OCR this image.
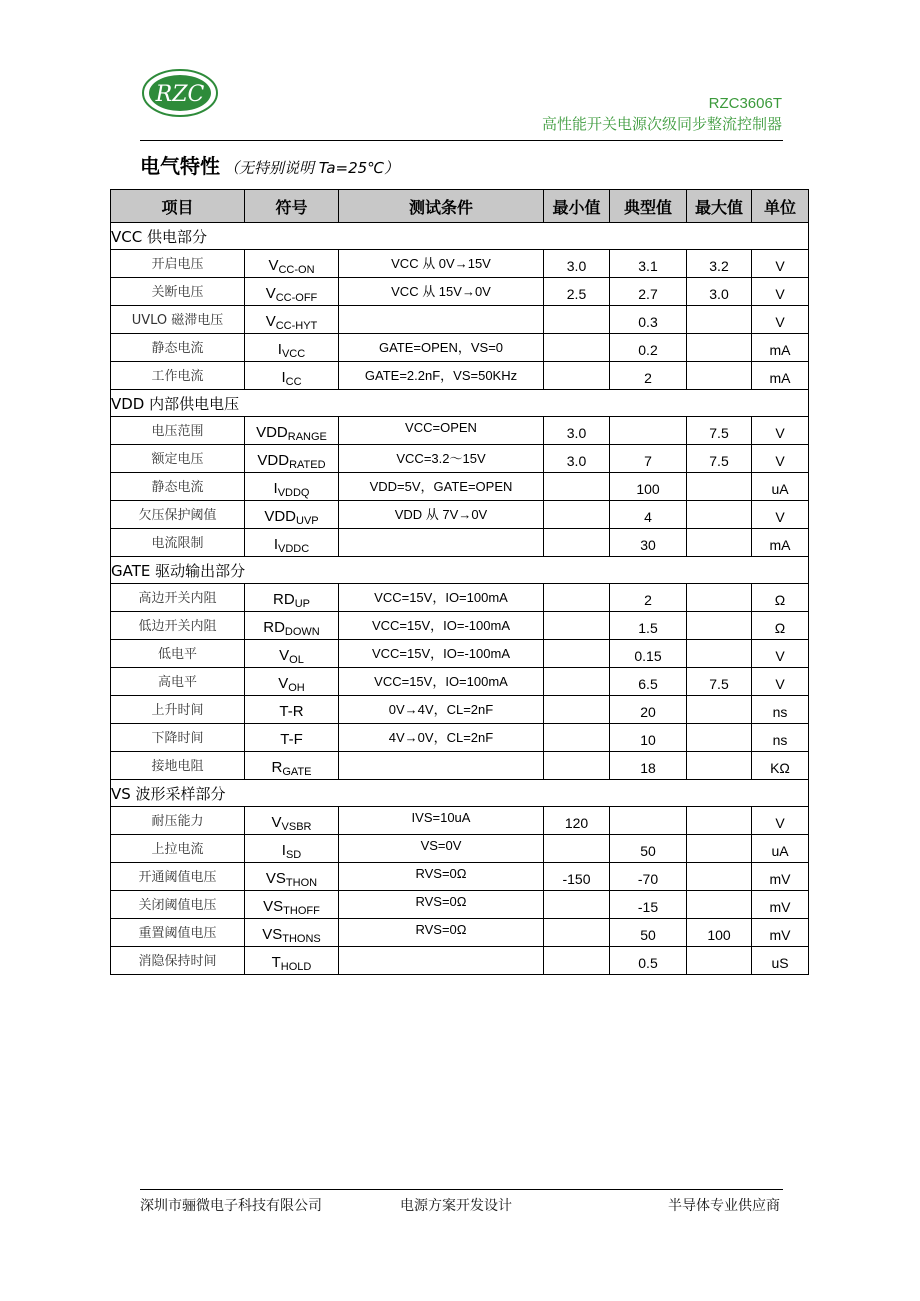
RZC	RZC3606T
高性能开关电源次级同步整流控制器
电气特性 （无特别说明 Ta=25℃）
项目	符号	测试条件	最小值	典型值	最大值	单位
VCC 供电部分						
开启电压	$V_{CC-ON}$	VCC 从 0V→15V	3.0	3.1	3.2	V
关断电压	$V_{CC-OFF}$	VCC 从 15V→0V	2.5	2.7	3.0	V
UVLO 磁滞电压	$V_{CC-HYT}$			0.3		V
静态电流	$I_{VCC}$	GATE=OPEN，VS=0		0.2		mA
工作电流	$I_{CC}$	GATE=2.2nF，VS=50KHz		2		mA
VDD 内部供电电压						
电压范围	$VDD_{RANGE}$	VCC=OPEN	3.0		7.5	V
额定电压	$VDD_{RATED}$	VCC=3.2～15V	3.0	7	7.5	V
静态电流	$I_{VDDQ}$	VDD=5V，GATE=OPEN		100		uA
欠压保护阈值	$VDD_{UVP}$	VDD 从 7V→0V		4		V
电流限制	$I_{VDDC}$			30		mA
GATE 驱动输出部分						
高边开关内阻	$RD_{UP}$	VCC=15V，IO=100mA		2		Ω
低边开关内阻	$RD_{DOWN}$	VCC=15V，IO=-100mA		1.5		Ω
低电平	$V_{OL}$	VCC=15V，IO=-100mA		0.15		V
高电平	$V_{OH}$	VCC=15V，IO=100mA		6.5	7.5	V
上升时间	T-R	0V→4V，CL=2nF		20		ns
下降时间	T-F	4V→0V，CL=2nF		10		ns
接地电阻	$R_{GATE}$			18		KΩ
VS 波形采样部分						
耐压能力	$V_{VSBR}$	IVS=10uA	120			V
上拉电流	$I_{SD}$	VS=0V		50		uA
开通阈值电压	$VS_{THON}$	RVS=0Ω	-150	-70		mV
关闭阈值电压	$VS_{THOFF}$	RVS=0Ω		-15		mV
重置阈值电压	$VS_{THONS}$	RVS=0Ω		50	100	mV
消隐保持时间	$T_{HOLD}$			0.5		uS
深圳市骊微电子科技有限公司	电源方案开发设计	半导体专业供应商
